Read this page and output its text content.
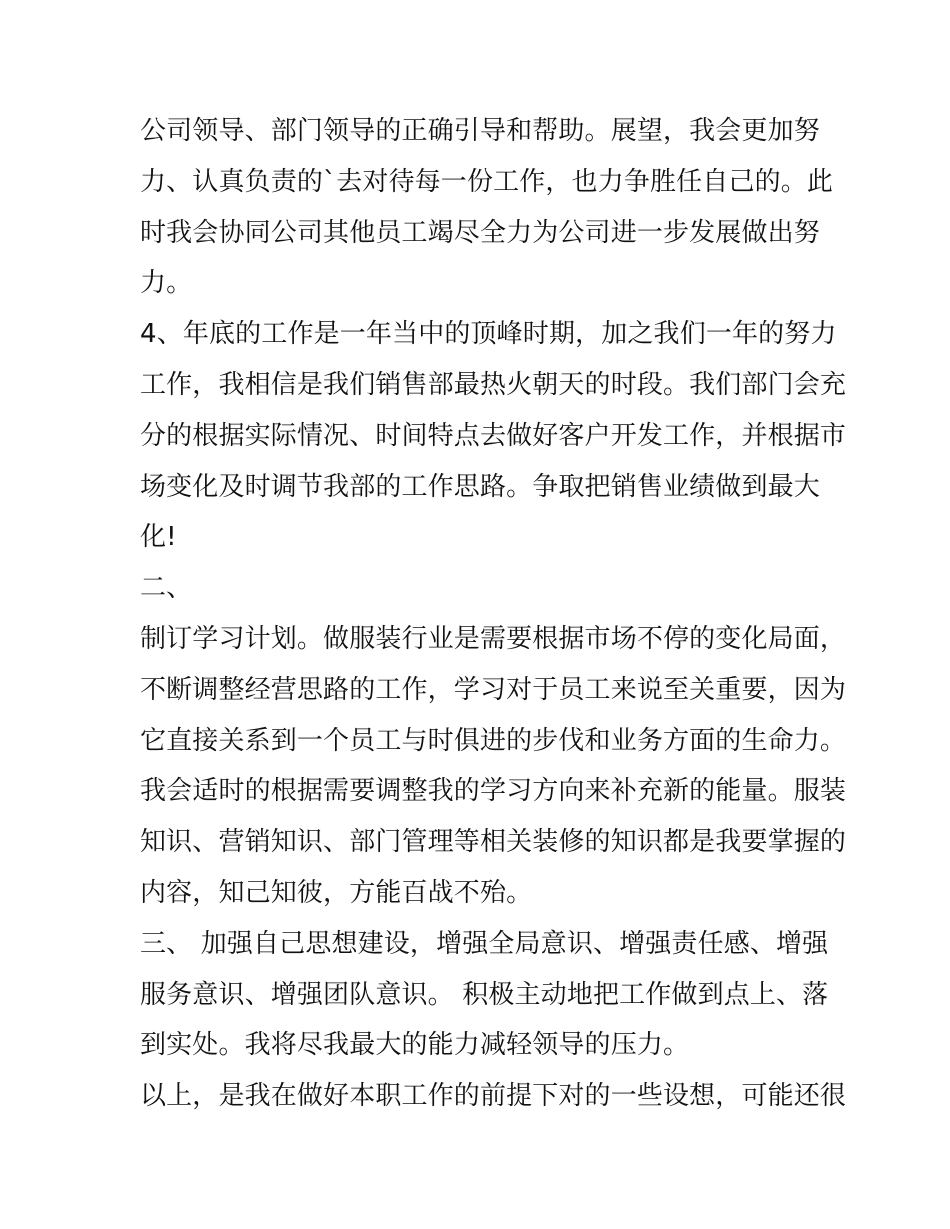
公司领导、部门领导的正确引导和帮助。展望，我会更加努
力、认真负责的`去对待每一份工作，也力争胜任自己的。此
时我会协同公司其他员工竭尽全力为公司进一步发展做出努
力。
4、年底的工作是一年当中的顶峰时期，加之我们一年的努力
工作，我相信是我们销售部最热火朝天的时段。我们部门会充
分的根据实际情况、时间特点去做好客户开发工作，并根据市
场变化及时调节我部的工作思路。争取把销售业绩做到最大
化!
二、
制订学习计划。做服装行业是需要根据市场不停的变化局面，
不断调整经营思路的工作，学习对于员工来说至关重要，因为
它直接关系到一个员工与时俱进的步伐和业务方面的生命力。
我会适时的根据需要调整我的学习方向来补充新的能量。服装
知识、营销知识、部门管理等相关装修的知识都是我要掌握的
内容，知己知彼，方能百战不殆。
三、 加强自己思想建设，增强全局意识、增强责任感、增强
服务意识、增强团队意识。 积极主动地把工作做到点上、落
到实处。我将尽我最大的能力减轻领导的压力。
以上，是我在做好本职工作的前提下对的一些设想，可能还很
